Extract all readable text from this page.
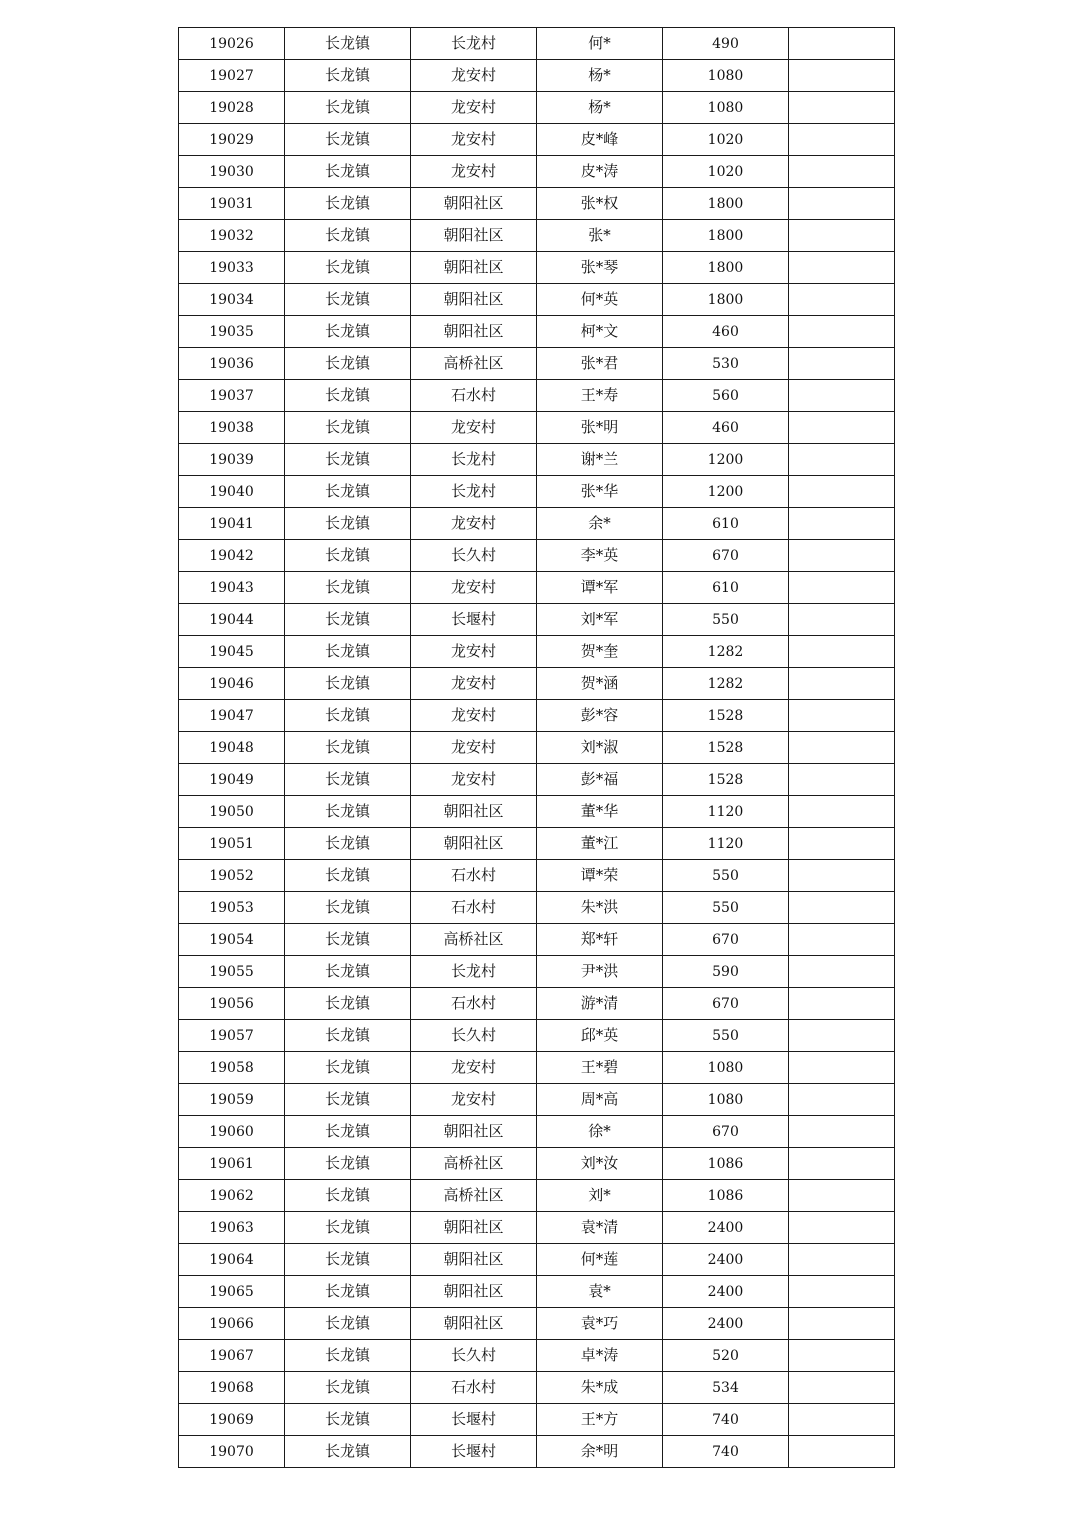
19026	长龙镇	长龙村	何*	490	
19027	长龙镇	龙安村	杨*	1080	
19028	长龙镇	龙安村	杨*	1080	
19029	长龙镇	龙安村	皮*峰	1020	
19030	长龙镇	龙安村	皮*涛	1020	
19031	长龙镇	朝阳社区	张*权	1800	
19032	长龙镇	朝阳社区	张*	1800	
19033	长龙镇	朝阳社区	张*琴	1800	
19034	长龙镇	朝阳社区	何*英	1800	
19035	长龙镇	朝阳社区	柯*文	460	
19036	长龙镇	高桥社区	张*君	530	
19037	长龙镇	石水村	王*寿	560	
19038	长龙镇	龙安村	张*明	460	
19039	长龙镇	长龙村	谢*兰	1200	
19040	长龙镇	长龙村	张*华	1200	
19041	长龙镇	龙安村	余*	610	
19042	长龙镇	长久村	李*英	670	
19043	长龙镇	龙安村	谭*军	610	
19044	长龙镇	长堰村	刘*军	550	
19045	长龙镇	龙安村	贺*奎	1282	
19046	长龙镇	龙安村	贺*涵	1282	
19047	长龙镇	龙安村	彭*容	1528	
19048	长龙镇	龙安村	刘*淑	1528	
19049	长龙镇	龙安村	彭*福	1528	
19050	长龙镇	朝阳社区	董*华	1120	
19051	长龙镇	朝阳社区	董*江	1120	
19052	长龙镇	石水村	谭*荣	550	
19053	长龙镇	石水村	朱*洪	550	
19054	长龙镇	高桥社区	郑*轩	670	
19055	长龙镇	长龙村	尹*洪	590	
19056	长龙镇	石水村	游*清	670	
19057	长龙镇	长久村	邱*英	550	
19058	长龙镇	龙安村	王*碧	1080	
19059	长龙镇	龙安村	周*高	1080	
19060	长龙镇	朝阳社区	徐*	670	
19061	长龙镇	高桥社区	刘*汝	1086	
19062	长龙镇	高桥社区	刘*	1086	
19063	长龙镇	朝阳社区	袁*清	2400	
19064	长龙镇	朝阳社区	何*莲	2400	
19065	长龙镇	朝阳社区	袁*	2400	
19066	长龙镇	朝阳社区	袁*巧	2400	
19067	长龙镇	长久村	卓*涛	520	
19068	长龙镇	石水村	朱*成	534	
19069	长龙镇	长堰村	王*方	740	
19070	长龙镇	长堰村	余*明	740	
